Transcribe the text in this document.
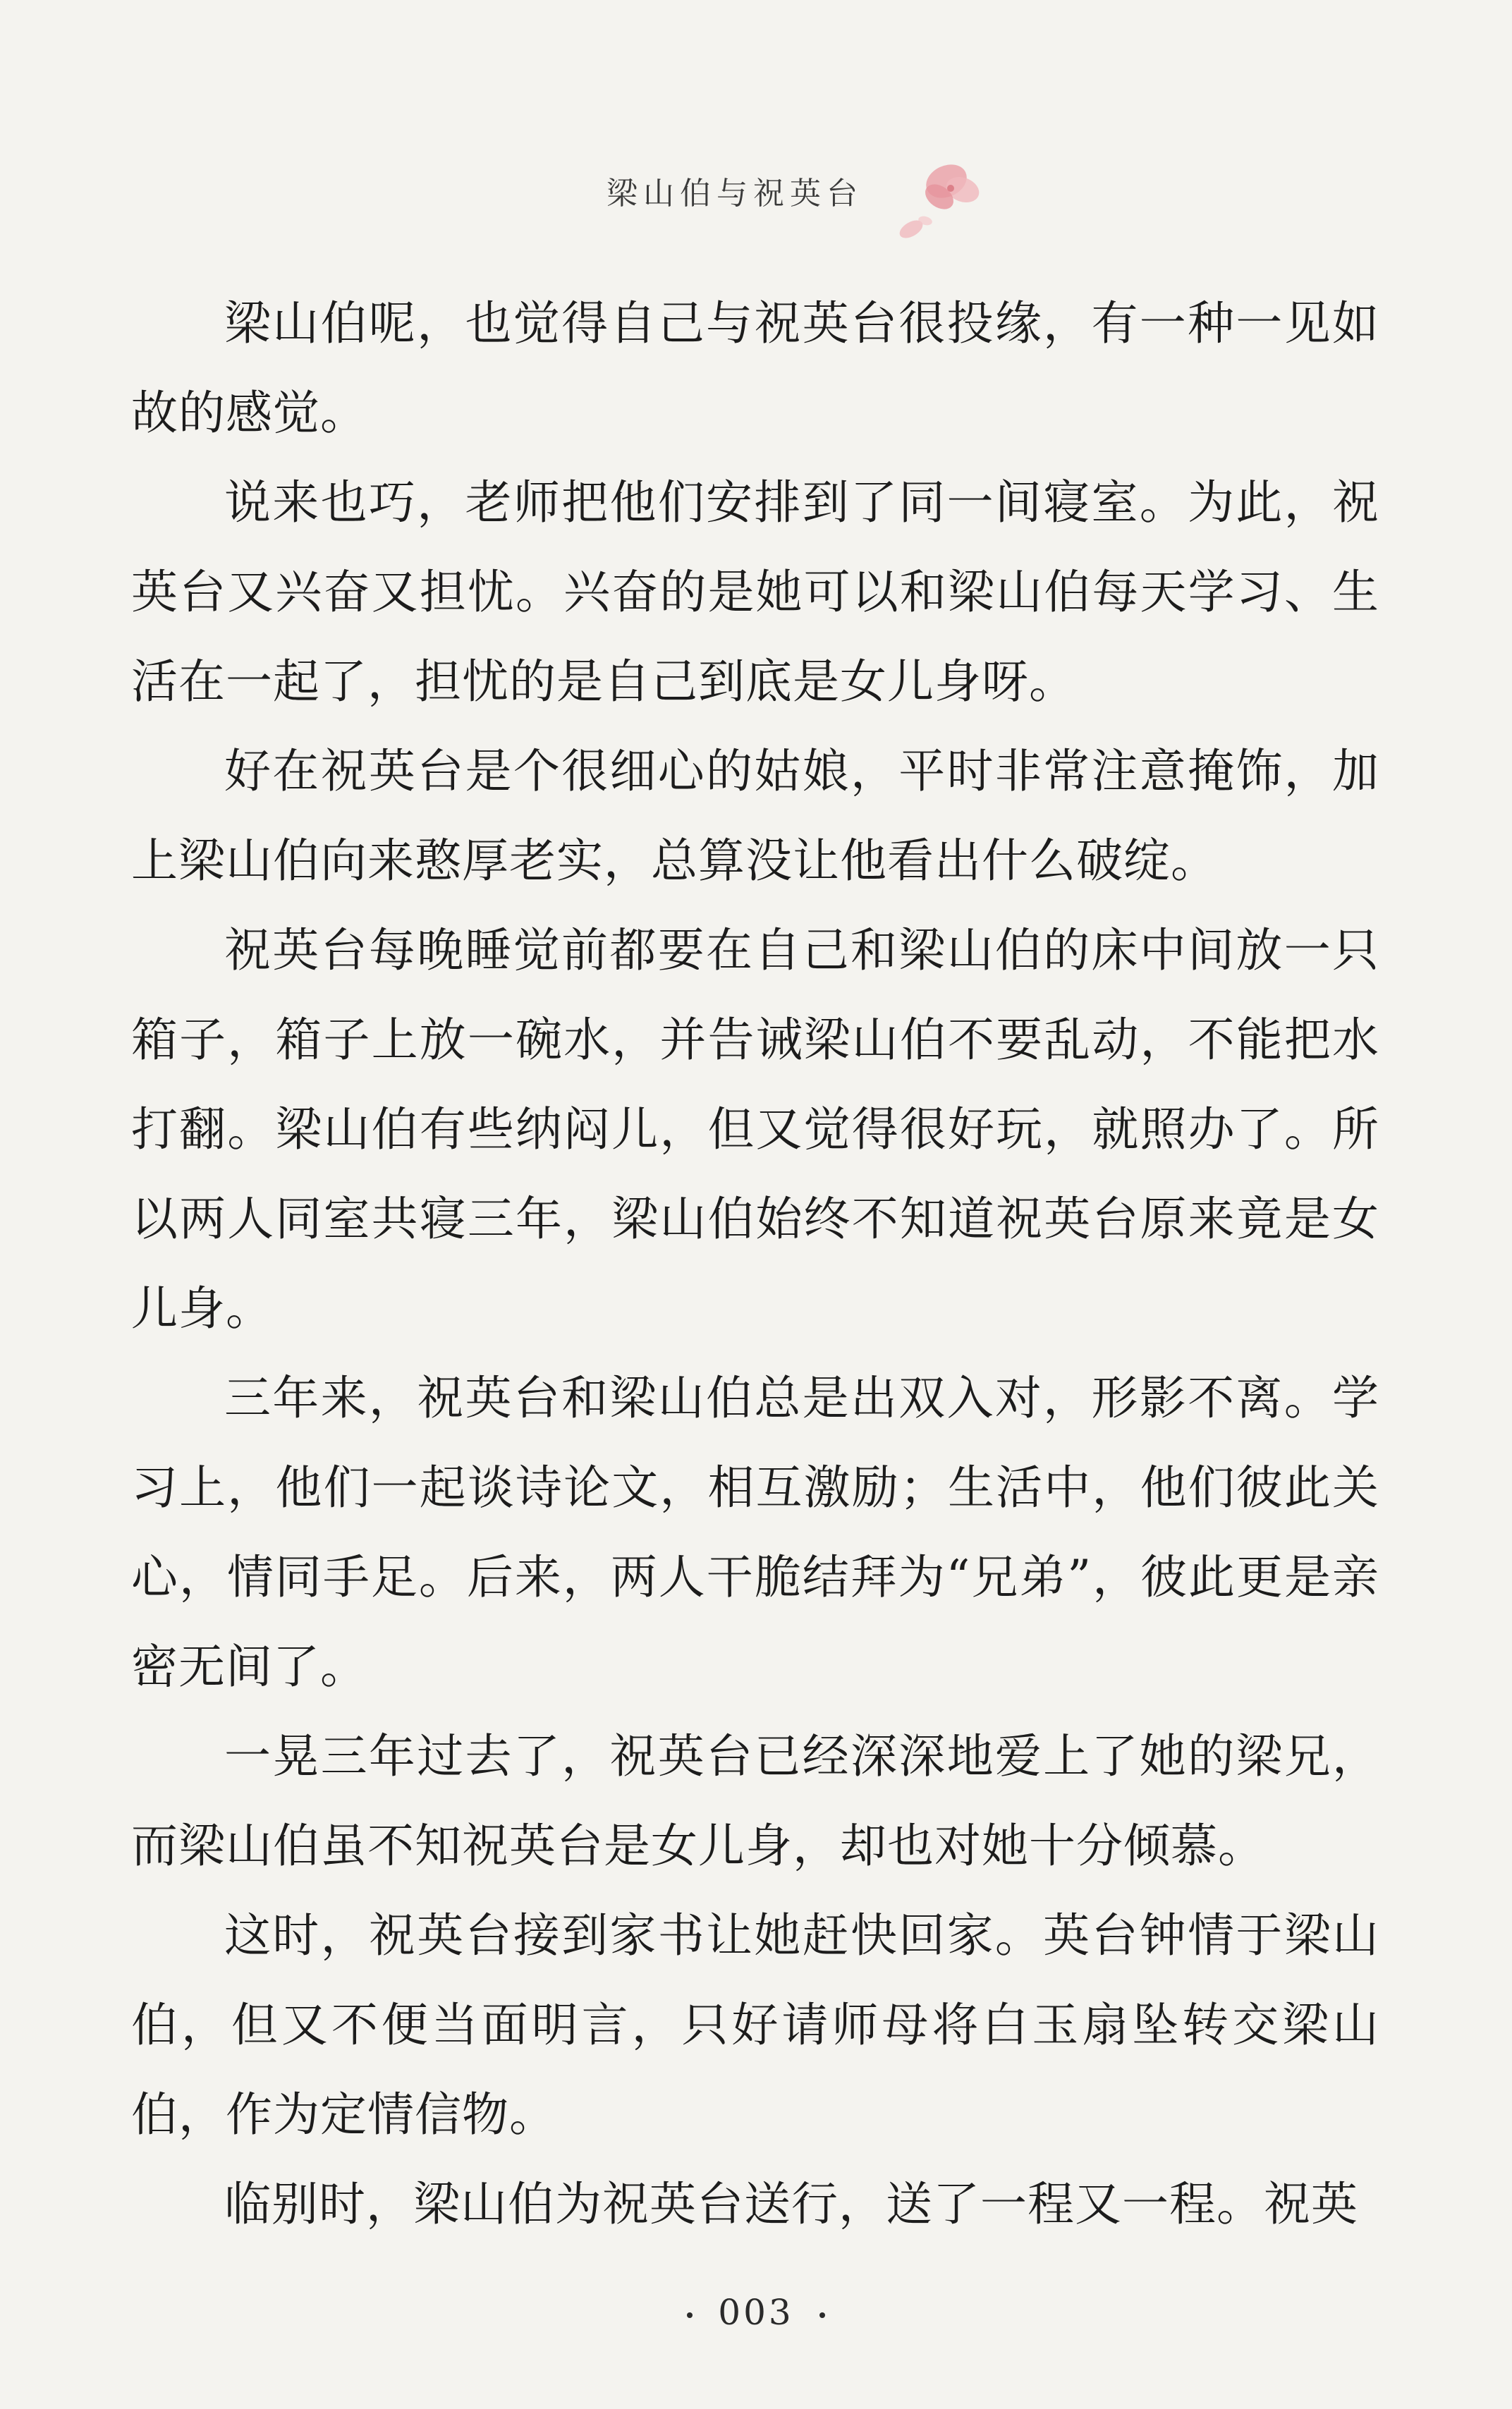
梁山伯与祝英台

梁山伯呢，也觉得自己与祝英台很投缘，有一种一见如故的感觉。

说来也巧，老师把他们安排到了同一间寝室。为此，祝英台又兴奋又担忧。兴奋的是她可以和梁山伯每天学习、生活在一起了，担忧的是自己到底是女儿身呀。

好在祝英台是个很细心的姑娘，平时非常注意掩饰，加上梁山伯向来憨厚老实，总算没让他看出什么破绽。

祝英台每晚睡觉前都要在自己和梁山伯的床中间放一只箱子，箱子上放一碗水，并告诫梁山伯不要乱动，不能把水打翻。梁山伯有些纳闷儿，但又觉得很好玩，就照办了。所以两人同室共寝三年，梁山伯始终不知道祝英台原来竟是女儿身。

三年来，祝英台和梁山伯总是出双入对，形影不离。学习上，他们一起谈诗论文，相互激励；生活中，他们彼此关心，情同手足。后来，两人干脆结拜为“兄弟”，彼此更是亲密无间了。

一晃三年过去了，祝英台已经深深地爱上了她的梁兄，而梁山伯虽不知祝英台是女儿身，却也对她十分倾慕。

这时，祝英台接到家书让她赶快回家。英台钟情于梁山伯，但又不便当面明言，只好请师母将白玉扇坠转交梁山伯，作为定情信物。

临别时，梁山伯为祝英台送行，送了一程又一程。祝英

003
